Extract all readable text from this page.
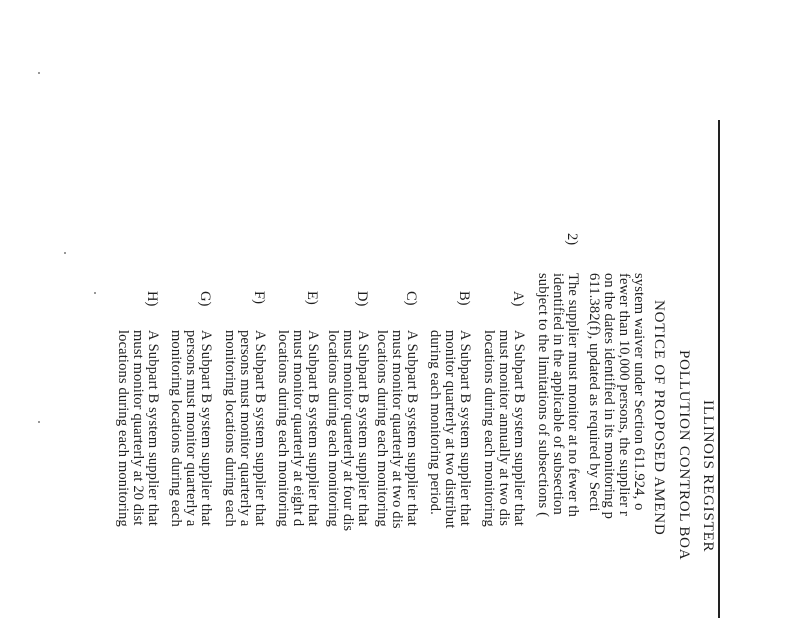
ILLINOIS REGISTER
POLLUTION CONTROL BOA
NOTICE OF PROPOSED AMEND
system waiver under Section 611.924, o
fewer than 10,000 persons, the supplier r
on the dates identified in its monitoring p
611.382(f), updated as required by Secti
2)
The supplier must monitor at no fewer th
identified in the applicable of subsection
subject to the limitations of subsections (
A)
A Subpart B system supplier that
must monitor annually at two dis
locations during each monitoring
B)
A Subpart B system supplier that
monitor quarterly at two distribut
during each monitoring period.
C)
A Subpart B system supplier that
must monitor quarterly at two dis
locations during each monitoring
D)
A Subpart B system supplier that
must monitor quarterly at four dis
locations during each monitoring
E)
A Subpart B system supplier that
must monitor quarterly at eight d
locations during each monitoring
F)
A Subpart B system supplier that
persons must monitor quarterly a
monitoring locations during each
G)
A Subpart B system supplier that
persons must monitor quarterly a
monitoring locations during each
H)
A Subpart B system supplier that
must monitor quarterly at 20 dist
locations during each monitoring
